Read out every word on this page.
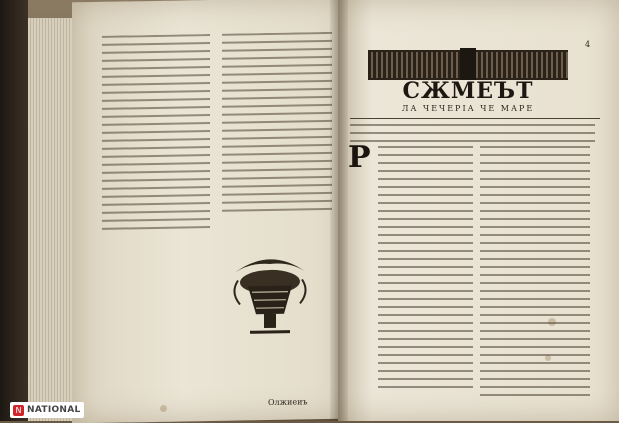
Олжиеиъ
СЖМЕЪТ
ЛА ЧЕЧЕРІА ЧЕ МАРЕ
4
Р
N NATIONAL
